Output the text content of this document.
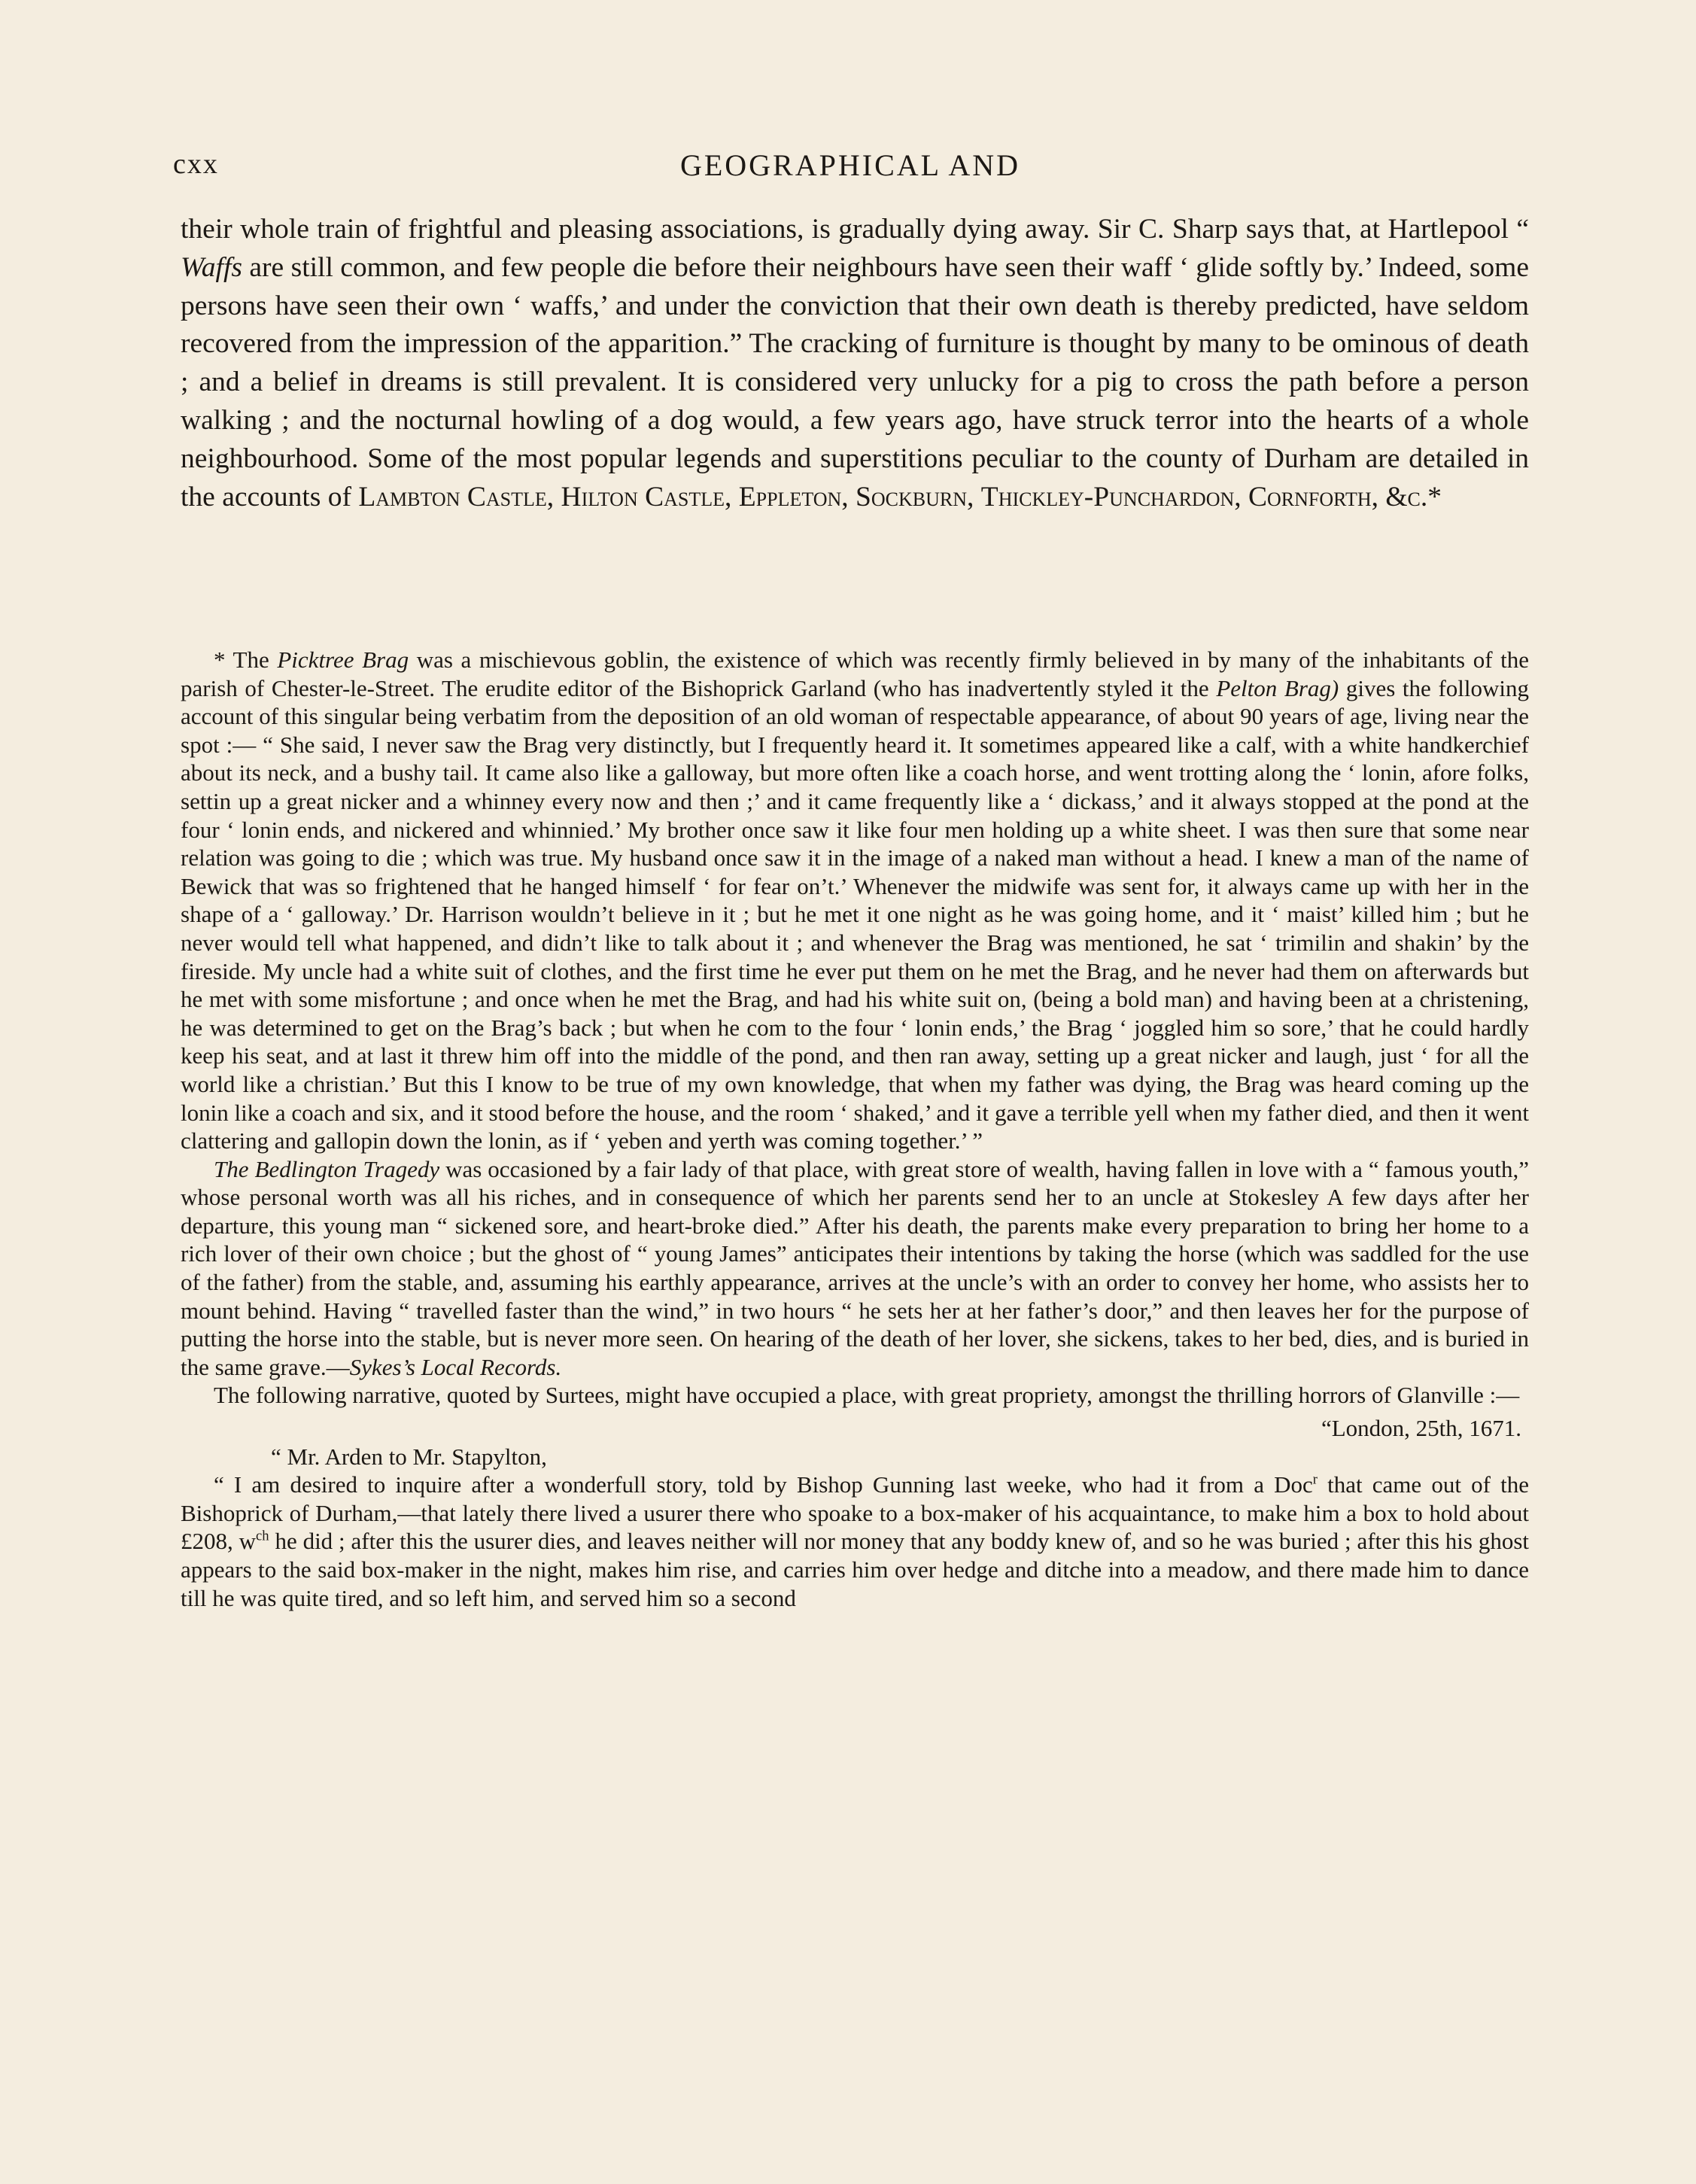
cxx	GEOGRAPHICAL AND

their whole train of frightful and pleasing associations, is gradually dying away. Sir C. Sharp says that, at Hartlepool “ Waffs are still common, and few people die before their neighbours have seen their waff ‘ glide softly by.’ Indeed, some persons have seen their own ‘ waffs,’ and under the conviction that their own death is thereby predicted, have seldom recovered from the impression of the apparition.” The cracking of furniture is thought by many to be ominous of death ; and a belief in dreams is still prevalent. It is considered very unlucky for a pig to cross the path before a person walking ; and the nocturnal howling of a dog would, a few years ago, have struck terror into the hearts of a whole neighbourhood. Some of the most popular legends and superstitions peculiar to the county of Durham are detailed in the accounts of Lambton Castle, Hilton Castle, Eppleton, Sockburn, Thickley-Punchardon, Cornforth, &c.*

* The Picktree Brag was a mischievous goblin, the existence of which was recently firmly believed in by many of the inhabitants of the parish of Chester-le-Street. The erudite editor of the Bishoprick Garland (who has inadvertently styled it the Pelton Brag) gives the following account of this singular being verbatim from the deposition of an old woman of respectable appearance, of about 90 years of age, living near the spot :— “ She said, I never saw the Brag very distinctly, but I frequently heard it. It sometimes appeared like a calf, with a white handkerchief about its neck, and a bushy tail. It came also like a galloway, but more often like a coach horse, and went trotting along the ‘ lonin, afore folks, settin up a great nicker and a whinney every now and then ;’ and it came frequently like a ‘ dickass,’ and it always stopped at the pond at the four ‘ lonin ends, and nickered and whinnied.’ My brother once saw it like four men holding up a white sheet. I was then sure that some near relation was going to die ; which was true. My husband once saw it in the image of a naked man without a head. I knew a man of the name of Bewick that was so frightened that he hanged himself ‘ for fear on’t.’ Whenever the midwife was sent for, it always came up with her in the shape of a ‘ galloway.’ Dr. Harrison wouldn’t believe in it ; but he met it one night as he was going home, and it ‘ maist’ killed him ; but he never would tell what happened, and didn’t like to talk about it ; and whenever the Brag was mentioned, he sat ‘ trimilin and shakin’ by the fireside. My uncle had a white suit of clothes, and the first time he ever put them on he met the Brag, and he never had them on afterwards but he met with some misfortune ; and once when he met the Brag, and had his white suit on, (being a bold man) and having been at a christening, he was determined to get on the Brag’s back ; but when he com to the four ‘ lonin ends,’ the Brag ‘ joggled him so sore,’ that he could hardly keep his seat, and at last it threw him off into the middle of the pond, and then ran away, setting up a great nicker and laugh, just ‘ for all the world like a christian.’ But this I know to be true of my own knowledge, that when my father was dying, the Brag was heard coming up the lonin like a coach and six, and it stood before the house, and the room ‘ shaked,’ and it gave a terrible yell when my father died, and then it went clattering and gallopin down the lonin, as if ‘ yeben and yerth was coming together.’ ”

The Bedlington Tragedy was occasioned by a fair lady of that place, with great store of wealth, having fallen in love with a “ famous youth,” whose personal worth was all his riches, and in consequence of which her parents send her to an uncle at Stokesley A few days after her departure, this young man “ sickened sore, and heart-broke died.” After his death, the parents make every preparation to bring her home to a rich lover of their own choice ; but the ghost of “ young James” anticipates their intentions by taking the horse (which was saddled for the use of the father) from the stable, and, assuming his earthly appearance, arrives at the uncle’s with an order to convey her home, who assists her to mount behind. Having “ travelled faster than the wind,” in two hours “ he sets her at her father’s door,” and then leaves her for the purpose of putting the horse into the stable, but is never more seen. On hearing of the death of her lover, she sickens, takes to her bed, dies, and is buried in the same grave.—Sykes’s Local Records.

The following narrative, quoted by Surtees, might have occupied a place, with great propriety, amongst the thrilling horrors of Glanville :—

“London, 25th, 1671.

“ Mr. Arden to Mr. Stapylton,

“ I am desired to inquire after a wonderfull story, told by Bishop Gunning last weeke, who had it from a Doc$^r$ that came out of the Bishoprick of Durham,—that lately there lived a usurer there who spoake to a box-maker of his acquaintance, to make him a box to hold about £208, $w^{ch}$ he did ; after this the usurer dies, and leaves neither will nor money that any boddy knew of, and so he was buried ; after this his ghost appears to the said box-maker in the night, makes him rise, and carries him over hedge and ditche into a meadow, and there made him to dance till he was quite tired, and so left him, and served him so a second
